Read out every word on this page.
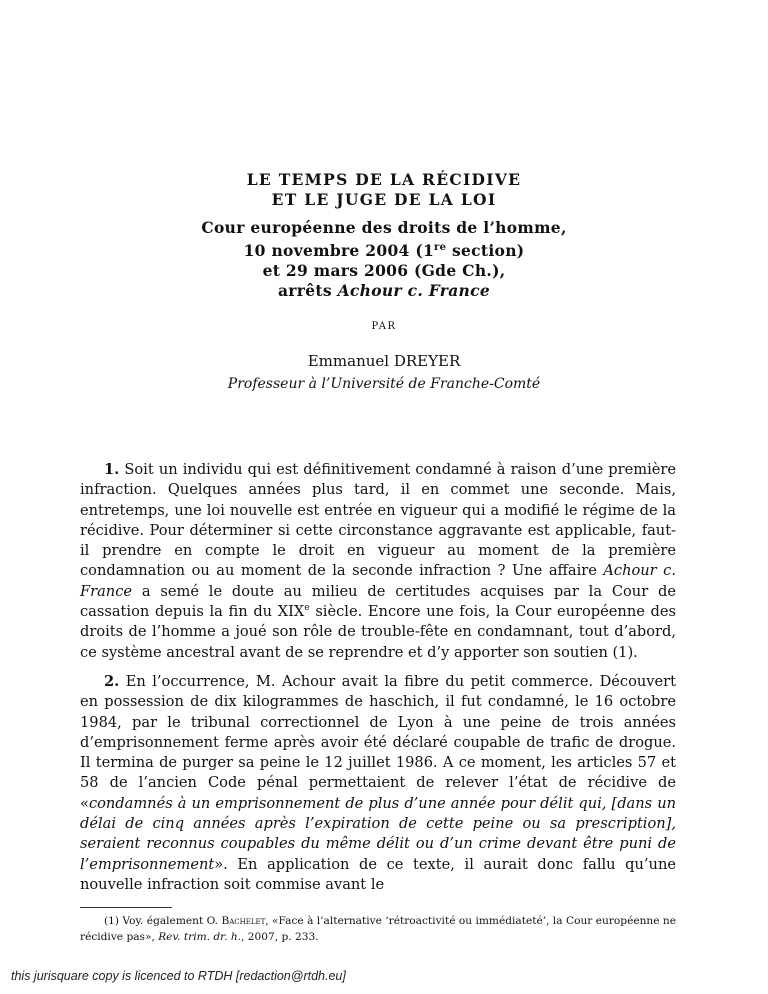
LE TEMPS DE LA RÉCIDIVE
ET LE JUGE DE LA LOI
Cour européenne des droits de l’homme,
10 novembre 2004 (1re section)
et 29 mars 2006 (Gde Ch.),
arrêts Achour c. France
PAR
Emmanuel DREYER
Professeur à l’Université de Franche-Comté

1. Soit un individu qui est définitivement condamné à raison d’une première infraction. Quelques années plus tard, il en commet une seconde. Mais, entretemps, une loi nouvelle est entrée en vigueur qui a modifié le régime de la récidive. Pour déterminer si cette circonstance aggravante est applicable, faut-il prendre en compte le droit en vigueur au moment de la première condamnation ou au moment de la seconde infraction ? Une affaire Achour c. France a semé le doute au milieu de certitudes acquises par la Cour de cassation depuis la fin du XIXe siècle. Encore une fois, la Cour européenne des droits de l’homme a joué son rôle de trouble-fête en condamnant, tout d’abord, ce système ancestral avant de se reprendre et d’y apporter son soutien (1).

2. En l’occurrence, M. Achour avait la fibre du petit commerce. Découvert en possession de dix kilogrammes de haschich, il fut condamné, le 16 octobre 1984, par le tribunal correctionnel de Lyon à une peine de trois années d’emprisonnement ferme après avoir été déclaré coupable de trafic de drogue. Il termina de purger sa peine le 12 juillet 1986. A ce moment, les articles 57 et 58 de l’ancien Code pénal permettaient de relever l’état de récidive de «condamnés à un emprisonnement de plus d’une année pour délit qui, [dans un délai de cinq années après l’expiration de cette peine ou sa prescription], seraient reconnus coupables du même délit ou d’un crime devant être puni de l’emprisonnement». En application de ce texte, il aurait donc fallu qu’une nouvelle infraction soit commise avant le

(1) Voy. également O. Bachelet, «Face à l’alternative ‘rétroactivité ou immédiateté’, la Cour européenne ne récidive pas», Rev. trim. dr. h., 2007, p. 233.
this jurisquare copy is licenced to RTDH [redaction@rtdh.eu]
